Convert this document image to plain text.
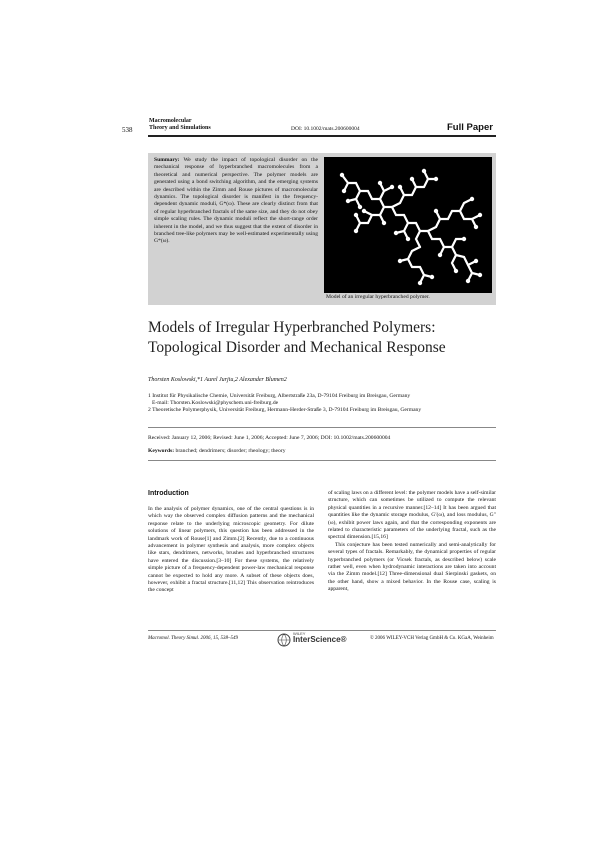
538
Macromolecular
Theory and Simulations	DOI: 10.1002/mats.200600004	Full Paper
Summary: We study the impact of topological disorder on the mechanical response of hyperbranched macromolecules from a theoretical and numerical perspective. The polymer models are generated using a bond switching algorithm, and the emerging systems are described within the Zimm and Rouse pictures of macromolecular dynamics. The topological disorder is manifest in the frequency-dependent dynamic moduli, G*(ω). These are clearly distinct from that of regular hyperbranched fractals of the same size, and they do not obey simple scaling rules. The dynamic moduli reflect the short-range order inherent in the model, and we thus suggest that the extent of disorder in branched tree-like polymers may be well-estimated experimentally using G*(ω).
Model of an irregular hyperbranched polymer.
Models of Irregular Hyperbranched Polymers:
Topological Disorder and Mechanical Response
Thorsten Koslowski,*1 Aurel Jurjiu,2 Alexander Blumen2
1 Institut für Physikalische Chemie, Universität Freiburg, Albertstraße 23a, D-79104 Freiburg im Breisgau, Germany
E-mail: Thorsten.Koslowski@physchem.uni-freiburg.de
2 Theoretische Polymerphysik, Universität Freiburg, Hermann-Herder-Straße 3, D-79104 Freiburg im Breisgau, Germany
Received: January 12, 2006; Revised: June 1, 2006; Accepted: June 7, 2006; DOI: 10.1002/mats.200600004
Keywords: branched; dendrimers; disorder; rheology; theory
Introduction

In the analysis of polymer dynamics, one of the central questions is in which way the observed complex diffusion patterns and the mechanical response relate to the underlying microscopic geometry. For dilute solutions of linear polymers, this question has been addressed in the landmark work of Rouse[1] and Zimm.[2] Recently, due to a continuous advancement in polymer synthesis and analysis, more complex objects like stars, dendrimers, networks, brushes and hyperbranched structures have entered the discussion.[3–10] For these systems, the relatively simple picture of a frequency-dependent power-law mechanical response cannot be expected to hold any more. A subset of these objects does, however, exhibit a fractal structure.[11,12] This observation reintroduces the concept

of scaling laws on a different level: the polymer models have a self-similar structure, which can sometimes be utilized to compute the relevant physical quantities in a recursive manner.[12–14] It has been argued that quantities like the dynamic storage modulus, G′(ω), and loss modulus, G″(ω), exhibit power laws again, and that the corresponding exponents are related to characteristic parameters of the underlying fractal, such as the spectral dimension.[15,16]

This conjecture has been tested numerically and semi-analytically for several types of fractals. Remarkably, the dynamical properties of regular hyperbranched polymers (or Vicsek fractals, as described below) scale rather well, even when hydrodynamic interactions are taken into account via the Zimm model.[12] Three-dimensional dual Sierpinski gaskets, on the other hand, show a mixed behavior. In the Rouse case, scaling is apparent,

Macromol. Theory Simul. 2006, 15, 538–549
WILEY
InterScience®	© 2006 WILEY-VCH Verlag GmbH & Co. KGaA, Weinheim
